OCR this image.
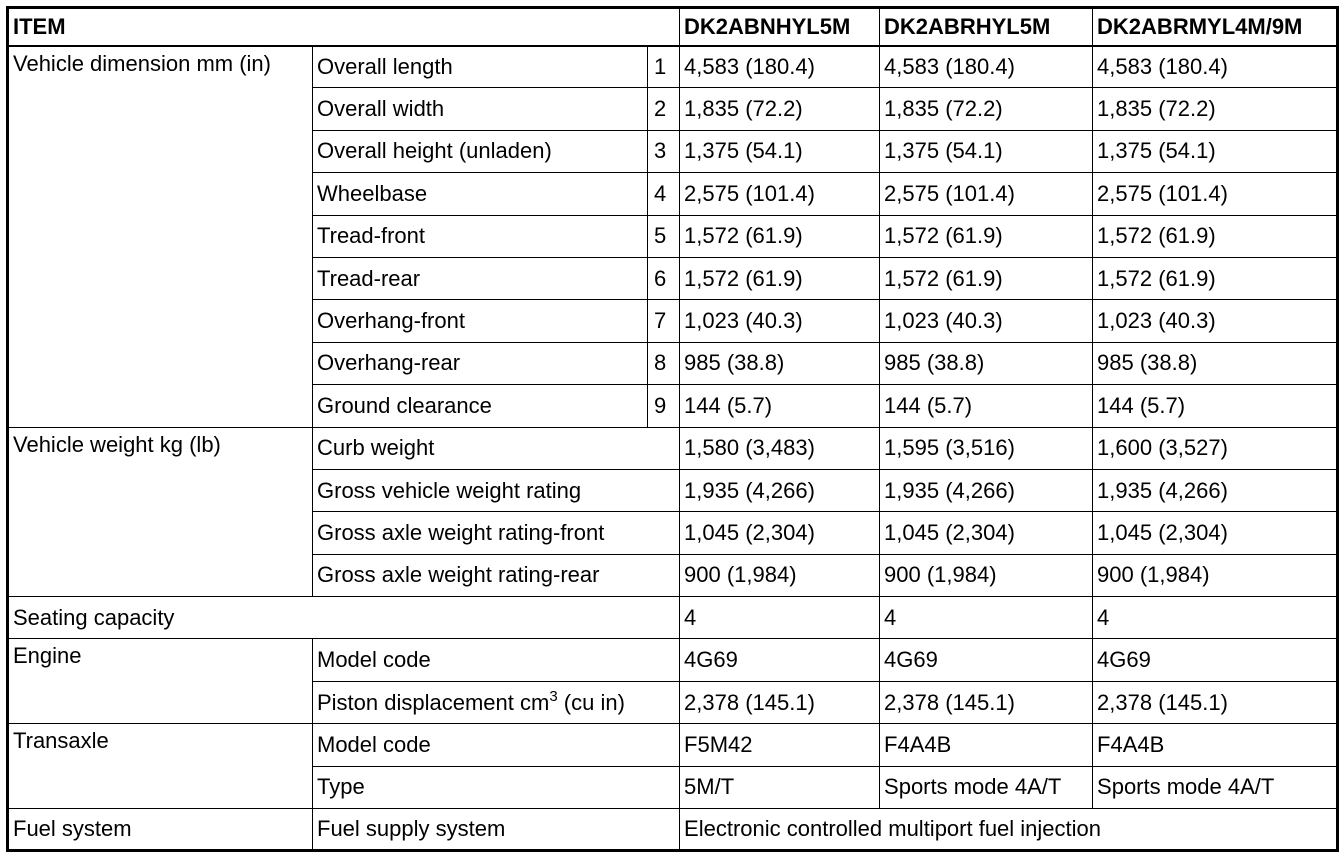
ITEM			DK2ABNHYL5M	DK2ABRHYL5M	DK2ABRMYL4M/9M
Vehicle dimension mm (in)	Overall length	1	4,583 (180.4)	4,583 (180.4)	4,583 (180.4)
	Overall width	2	1,835 (72.2)	1,835 (72.2)	1,835 (72.2)
	Overall height (unladen)	3	1,375 (54.1)	1,375 (54.1)	1,375 (54.1)
	Wheelbase	4	2,575 (101.4)	2,575 (101.4)	2,575 (101.4)
	Tread-front	5	1,572 (61.9)	1,572 (61.9)	1,572 (61.9)
	Tread-rear	6	1,572 (61.9)	1,572 (61.9)	1,572 (61.9)
	Overhang-front	7	1,023 (40.3)	1,023 (40.3)	1,023 (40.3)
	Overhang-rear	8	985 (38.8)	985 (38.8)	985 (38.8)
	Ground clearance	9	144 (5.7)	144 (5.7)	144 (5.7)
Vehicle weight kg (lb)	Curb weight		1,580 (3,483)	1,595 (3,516)	1,600 (3,527)
	Gross vehicle weight rating		1,935 (4,266)	1,935 (4,266)	1,935 (4,266)
	Gross axle weight rating-front		1,045 (2,304)	1,045 (2,304)	1,045 (2,304)
	Gross axle weight rating-rear		900 (1,984)	900 (1,984)	900 (1,984)
Seating capacity			4	4	4
Engine	Model code		4G69	4G69	4G69
	Piston displacement $cm^3$ (cu in)		2,378 (145.1)	2,378 (145.1)	2,378 (145.1)
Transaxle	Model code		F5M42	F4A4B	F4A4B
	Type		5M/T	Sports mode 4A/T	Sports mode 4A/T
Fuel system	Fuel supply system		Electronic controlled multiport fuel injection		
